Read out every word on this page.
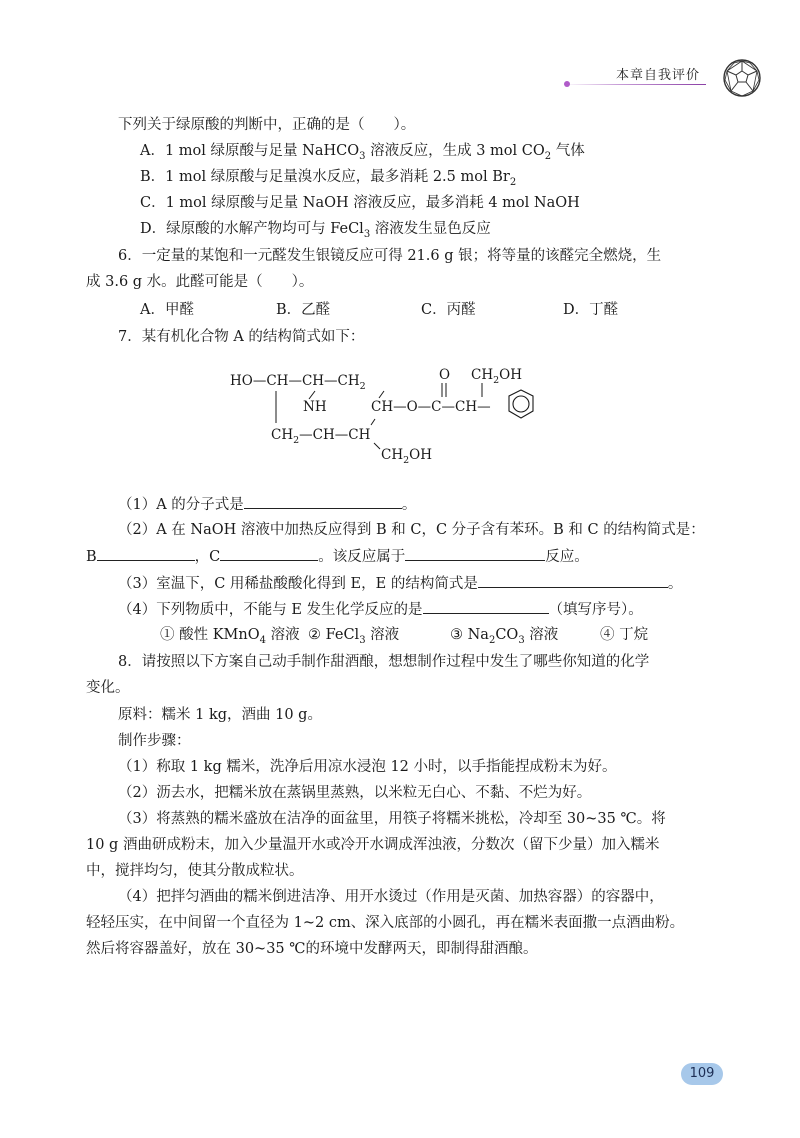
本章自我评价
下列关于绿原酸的判断中，正确的是（　　）。
A．1 mol 绿原酸与足量 NaHCO$_3$ 溶液反应，生成 3 mol $CO_2$ 气体
B．1 mol 绿原酸与足量溴水反应，最多消耗 2.5 mol $Br_2$
C．1 mol 绿原酸与足量 NaOH 溶液反应，最多消耗 4 mol NaOH
D．绿原酸的水解产物均可与 FeCl$_3$ 溶液发生显色反应
6．一定量的某饱和一元醛发生银镜反应可得 21.6 g 银；将等量的该醛完全燃烧，生
成 3.6 g 水。此醛可能是（　　）。
A．甲醛	B．乙醛	C．丙醛	D．丁醛
7．某有机化合物 A 的结构简式如下：
$HO—CH—CH—CH_2$
NH	CH—O—C—CH—
O $CH_2OH$
$CH_2—CH—CH$
$CH_2OH$
（1）A 的分子式是	。
（2）A 在 NaOH 溶液中加热反应得到 B 和 C，C 分子含有苯环。B 和 C 的结构简式是：
B	，C	。该反应属于	反应。
（3）室温下，C 用稀盐酸酸化得到 E，E 的结构简式是	。
（4）下列物质中，不能与 E 发生化学反应的是	（填写序号）。
① 酸性 KMnO$_4$ 溶液 ② FeCl$_3$ 溶液	③ $Na_2CO_3$ 溶液	④ 丁烷
8．请按照以下方案自己动手制作甜酒酿，想想制作过程中发生了哪些你知道的化学
变化。
原料：糯米 1 kg，酒曲 10 g。
制作步骤：
（1）称取 1 kg 糯米，洗净后用凉水浸泡 12 小时，以手指能捏成粉末为好。
（2）沥去水，把糯米放在蒸锅里蒸熟，以米粒无白心、不黏、不烂为好。
（3）将蒸熟的糯米盛放在洁净的面盆里，用筷子将糯米挑松，冷却至 30~35 ℃。将
10 g 酒曲研成粉末，加入少量温开水或冷开水调成浑浊液，分数次（留下少量）加入糯米
中，搅拌均匀，使其分散成粒状。
（4）把拌匀酒曲的糯米倒进洁净、用开水烫过（作用是灭菌、加热容器）的容器中，
轻轻压实，在中间留一个直径为 1~2 cm、深入底部的小圆孔，再在糯米表面撒一点酒曲粉。
然后将容器盖好，放在 30~35 ℃的环境中发酵两天，即制得甜酒酿。
109
